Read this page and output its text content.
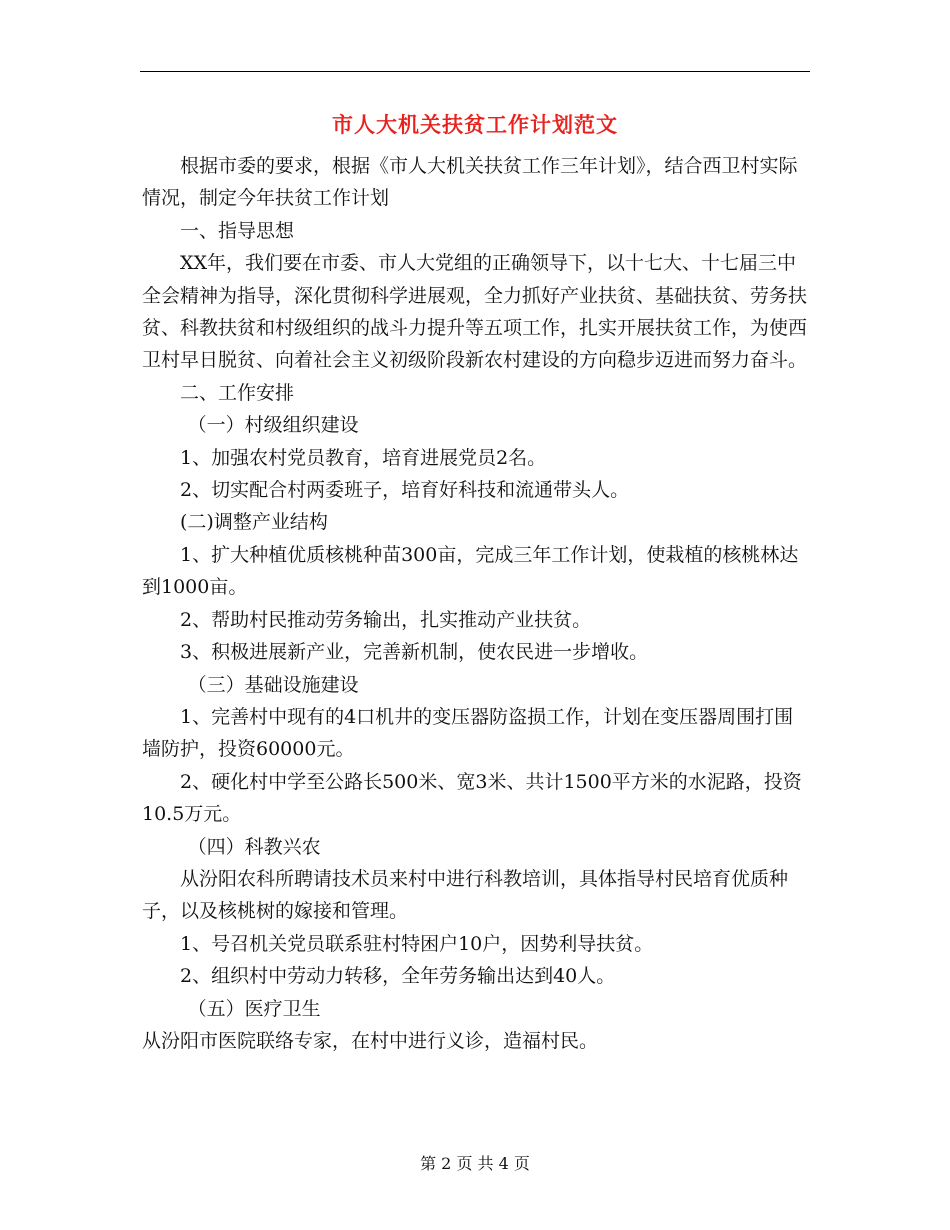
市人大机关扶贫工作计划范文

根据市委的要求，根据《市人大机关扶贫工作三年计划》，结合西卫村实际情况，制定今年扶贫工作计划

一、指导思想

XX年，我们要在市委、市人大党组的正确领导下，以十七大、十七届三中全会精神为指导，深化贯彻科学进展观，全力抓好产业扶贫、基础扶贫、劳务扶贫、科教扶贫和村级组织的战斗力提升等五项工作，扎实开展扶贫工作，为使西卫村早日脱贫、向着社会主义初级阶段新农村建设的方向稳步迈进而努力奋斗。

二、工作安排

（一）村级组织建设

1、加强农村党员教育，培育进展党员2名。

2、切实配合村两委班子，培育好科技和流通带头人。

(二)调整产业结构

1、扩大种植优质核桃种苗300亩，完成三年工作计划，使栽植的核桃林达到1000亩。

2、帮助村民推动劳务输出，扎实推动产业扶贫。

3、积极进展新产业，完善新机制，使农民进一步增收。

（三）基础设施建设

1、完善村中现有的4口机井的变压器防盗损工作，计划在变压器周围打围墙防护，投资60000元。

2、硬化村中学至公路长500米、宽3米、共计1500平方米的水泥路，投资10.5万元。

（四）科教兴农

从汾阳农科所聘请技术员来村中进行科教培训，具体指导村民培育优质种子，以及核桃树的嫁接和管理。

1、号召机关党员联系驻村特困户10户，因势利导扶贫。

2、组织村中劳动力转移，全年劳务输出达到40人。

（五）医疗卫生

从汾阳市医院联络专家，在村中进行义诊，造福村民。

第 2 页 共 4 页
